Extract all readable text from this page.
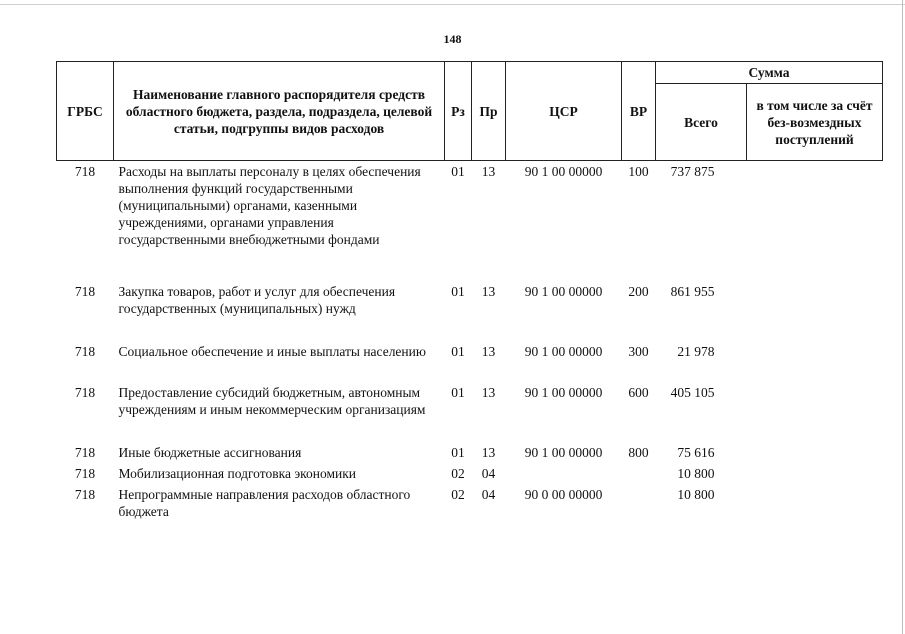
148
ГРБС	Наименование главного распорядителя средств областного бюджета, раздела, подраздела, целевой статьи, подгруппы видов расходов	Рз	Пр	ЦСР	ВР	Сумма	
						Всего	в том числе за счёт без-возмездных поступлений
718	Расходы на выплаты персоналу в целях обеспечения выполнения функций государственными (муниципальными) органами, казенными учреждениями, органами управления государственными внебюджетными фондами	01	13	90 1 00 00000	100	737 875	
718	Закупка товаров, работ и услуг для обеспечения государственных (муниципальных) нужд	01	13	90 1 00 00000	200	861 955	
718	Социальное обеспечение и иные выплаты населению	01	13	90 1 00 00000	300	21 978	
718	Предоставление субсидий бюджетным, автономным учреждениям и иным некоммерческим организациям	01	13	90 1 00 00000	600	405 105	
718	Иные бюджетные ассигнования	01	13	90 1 00 00000	800	75 616	
718	Мобилизационная подготовка экономики	02	04			10 800	
718	Непрограммные направления расходов областного бюджета	02	04	90 0 00 00000		10 800	
